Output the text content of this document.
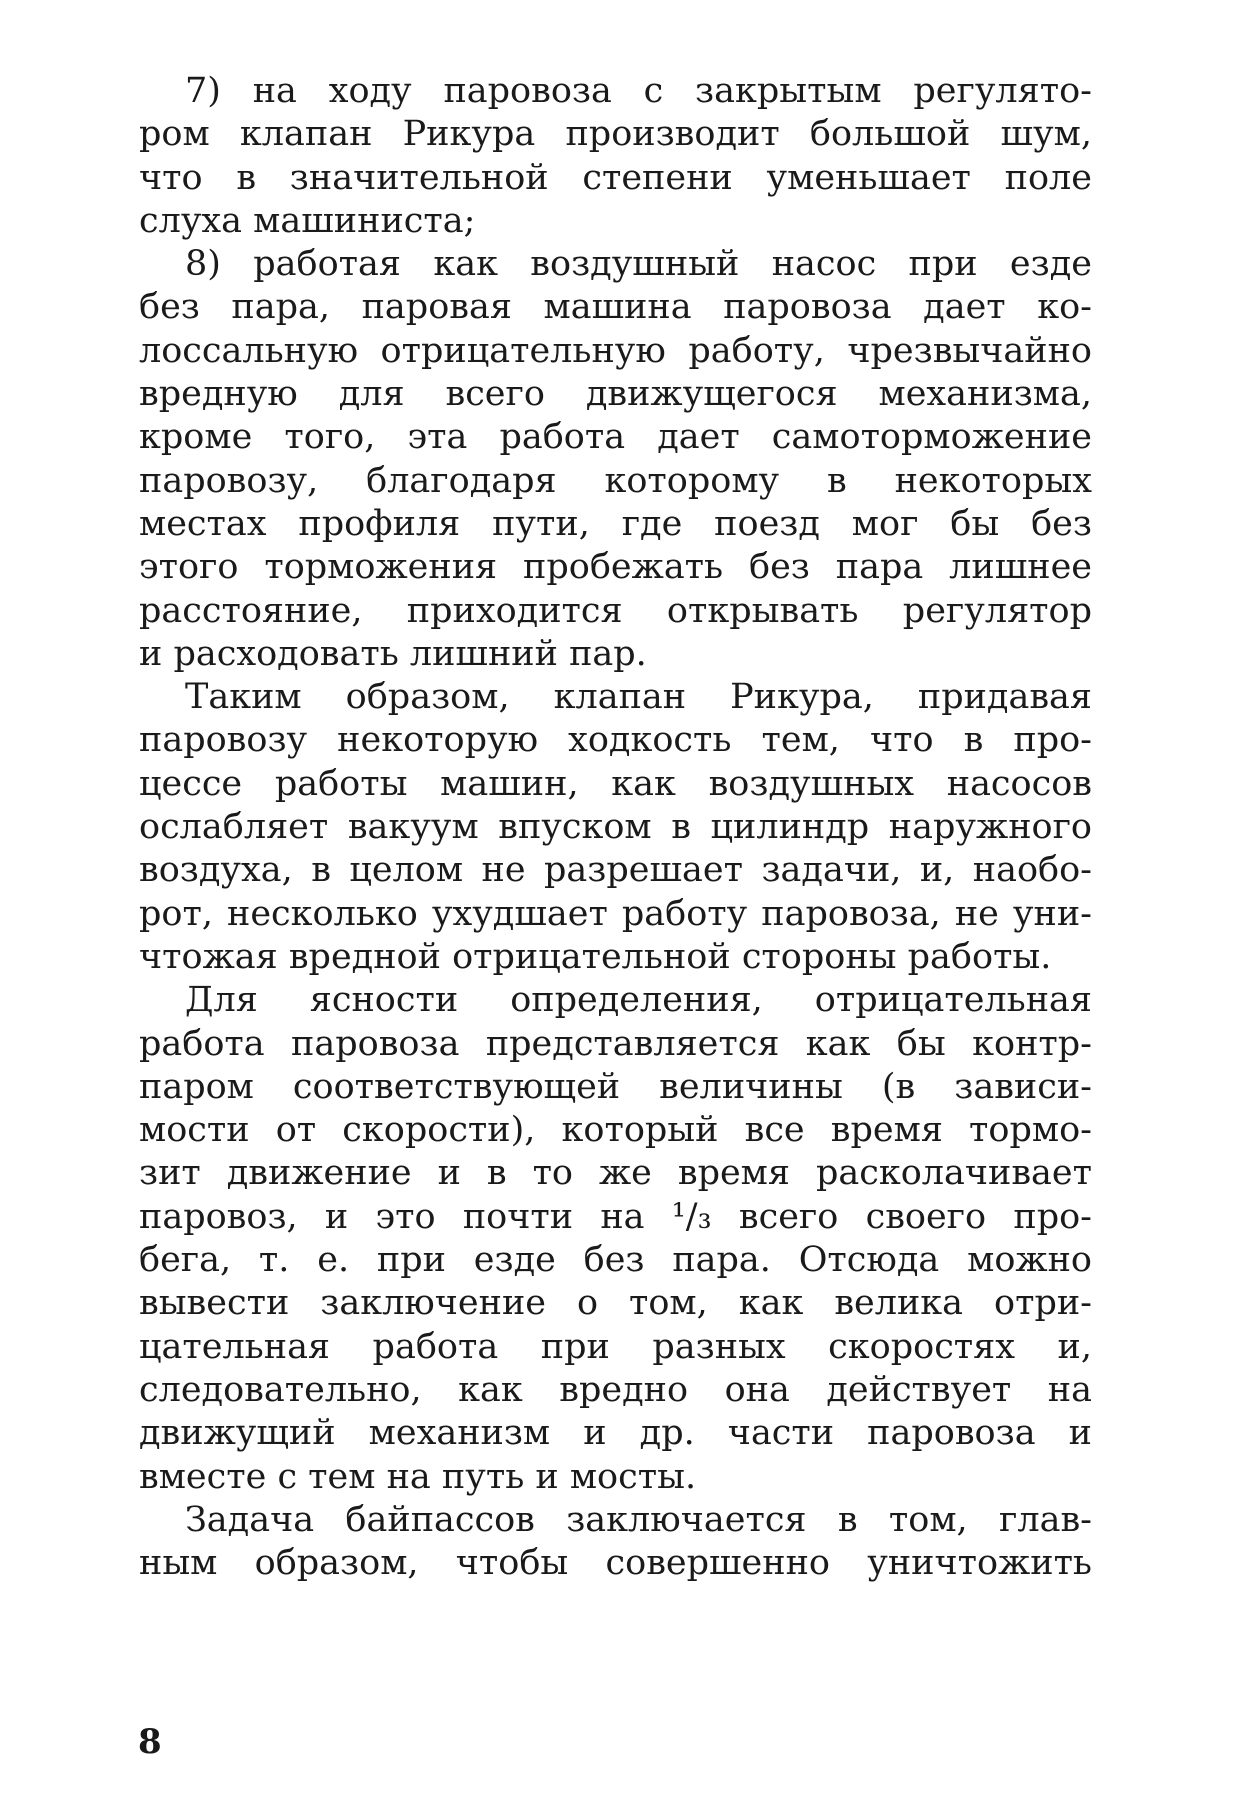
7) на ходу паровоза с закрытым регулято-
ром клапан Рикура производит большой шум,
что в значительной степени уменьшает поле
слуха машиниста;
8) работая как воздушный насос при езде
без пара, паровая машина паровоза дает ко-
лоссальную отрицательную работу, чрезвычайно
вредную для всего движущегося механизма,
кроме того, эта работа дает самоторможение
паровозу, благодаря которому в некоторых
местах профиля пути, где поезд мог бы без
этого торможения пробежать без пара лишнее
расстояние, приходится открывать регулятор
и расходовать лишний пар.
Таким образом, клапан Рикура, придавая
паровозу некоторую ходкость тем, что в про-
цессе работы машин, как воздушных насосов
ослабляет вакуум впуском в цилиндр наружного
воздуха, в целом не разрешает задачи, и, наобо-
рот, несколько ухудшает работу паровоза, не уни-
чтожая вредной отрицательной стороны работы.
Для ясности определения, отрицательная
работа паровоза представляется как бы контр-
паром соответствующей величины (в зависи-
мости от скорости), который все время тормо-
зит движение и в то же время расколачивает
паровоз, и это почти на ¹/₃ всего своего про-
бега, т. е. при езде без пара. Отсюда можно
вывести заключение о том, как велика отри-
цательная работа при разных скоростях и,
следовательно, как вредно она действует на
движущий механизм и др. части паровоза и
вместе с тем на путь и мосты.
Задача байпассов заключается в том, глав-
ным образом, чтобы совершенно уничтожить
8
